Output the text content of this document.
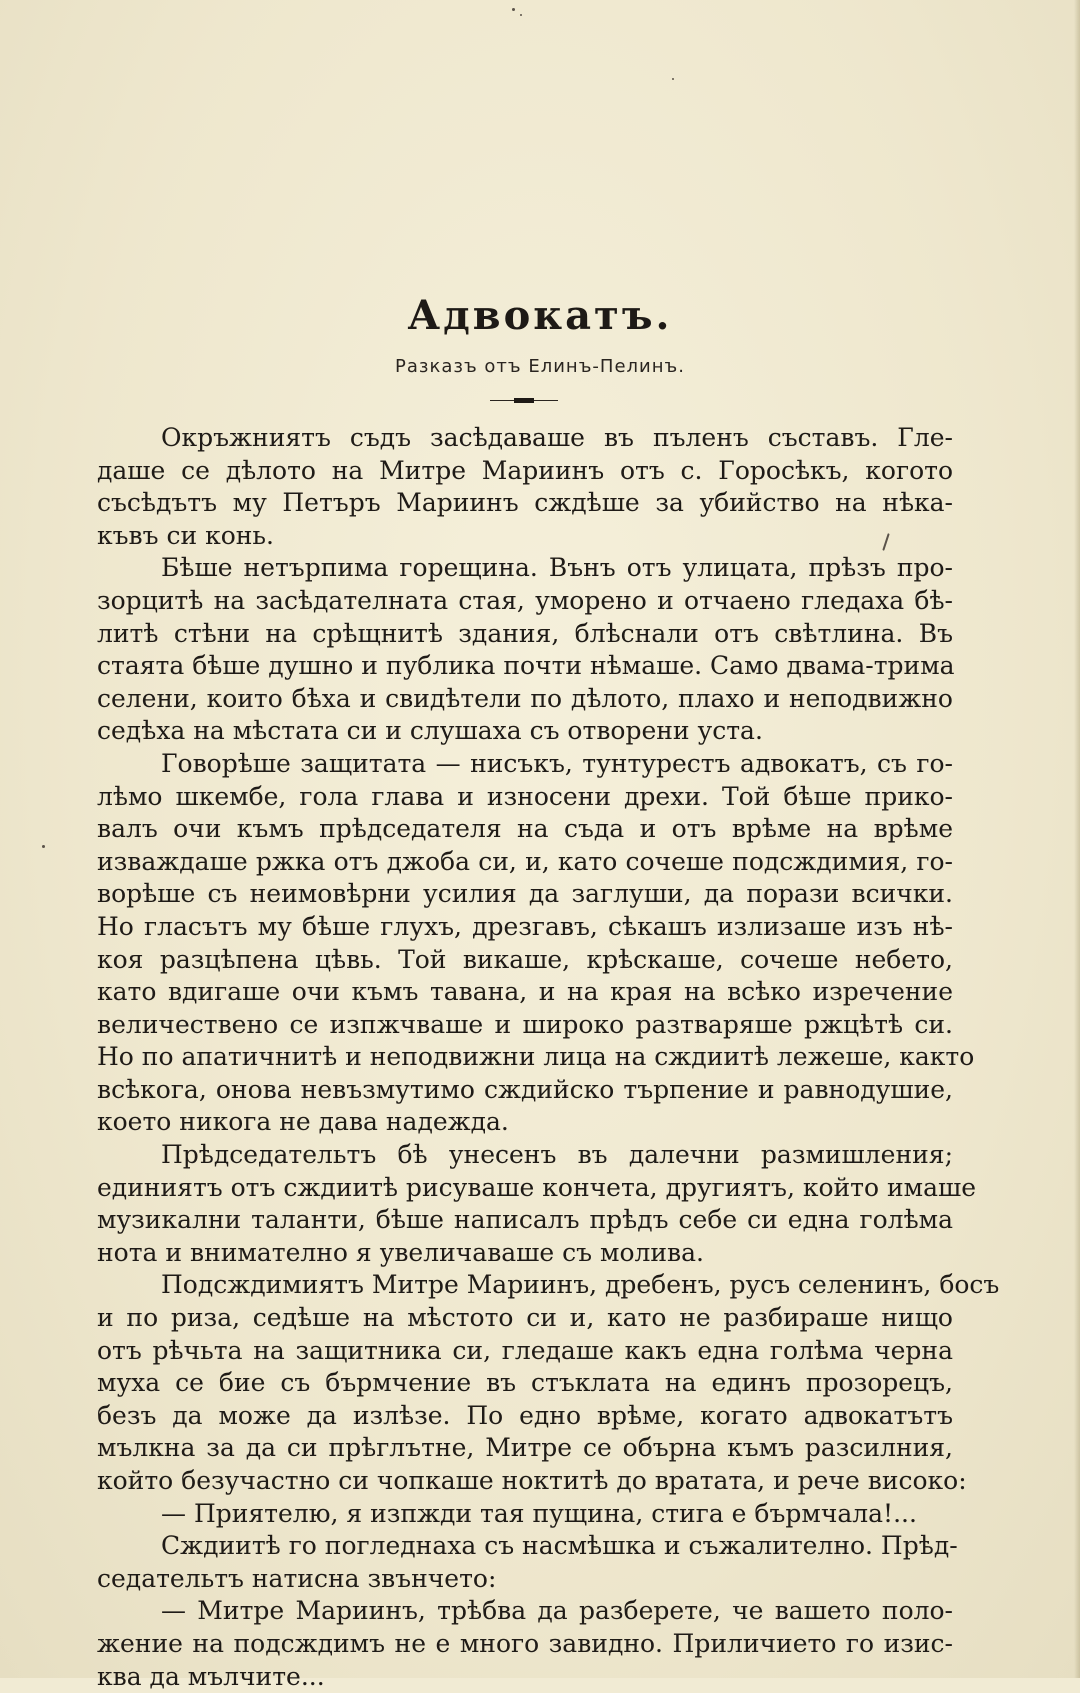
Адвокатъ.
Разказъ отъ Елинъ-Пелинъ.
Окръжниятъ съдъ засѣдаваше въ пъленъ съставъ. Гле-
даше се дѣлото на Митре Мариинъ отъ с. Горосѣкъ, когото
съсѣдътъ му Петъръ Мариинъ сждѣше за убийство на нѣка-
къвъ си конь.
Бѣше нетърпима горещина. Вънъ отъ улицата, прѣзъ про-
зорцитѣ на засѣдателната стая, уморено и отчаено гледаха бѣ-
литѣ стѣни на срѣщнитѣ здания, блѣснали отъ свѣтлина. Въ
стаята бѣше душно и публика почти нѣмаше. Само двама-трима
селени, които бѣха и свидѣтели по дѣлото, плахо и неподвижно
седѣха на мѣстата си и слушаха съ отворени уста.
Говорѣше защитата — нисъкъ, тунтурестъ адвокатъ, съ го-
лѣмо шкембе, гола глава и износени дрехи. Той бѣше прико-
валъ очи къмъ прѣдседателя на съда и отъ врѣме на врѣме
изваждаше ржка отъ джоба си, и, като сочеше подсждимия, го-
ворѣше съ неимовѣрни усилия да заглуши, да порази всички.
Но гласътъ му бѣше глухъ, дрезгавъ, сѣкашъ излизаше изъ нѣ-
коя разцѣпена цѣвь. Той викаше, крѣскаше, сочеше небето,
като вдигаше очи къмъ тавана, и на края на всѣко изречение
величествено се изпжчваше и широко разтваряше ржцѣтѣ си.
Но по апатичнитѣ и неподвижни лица на сждиитѣ лежеше, както
всѣкога, онова невъзмутимо сждийско търпение и равнодушие,
което никога не дава надежда.
Прѣдседательтъ бѣ унесенъ въ далечни размишления;
единиятъ отъ сждиитѣ рисуваше кончета, другиятъ, който имаше
музикални таланти, бѣше написалъ прѣдъ себе си една голѣма
нота и внимателно я увеличаваше съ молива.
Подсждимиятъ Митре Мариинъ, дребенъ, русъ селенинъ, босъ
и по риза, седѣше на мѣстото си и, като не разбираше нищо
отъ рѣчьта на защитника си, гледаше какъ една голѣма черна
муха се бие съ бърмчение въ стъклата на единъ прозорецъ,
безъ да може да излѣзе. По едно врѣме, когато адвокатътъ
мълкна за да си прѣглътне, Митре се обърна къмъ разсилния,
който безучастно си чопкаше ноктитѣ до вратата, и рече високо:
— Приятелю, я изпжди тая пущина, стига е бърмчала!...
Сждиитѣ го погледнаха съ насмѣшка и съжалително. Прѣд-
седательтъ натисна звънчето:
— Митре Мариинъ, трѣбва да разберете, че вашето поло-
жение на подсждимъ не е много завидно. Приличието го изис-
ква да мълчите...
